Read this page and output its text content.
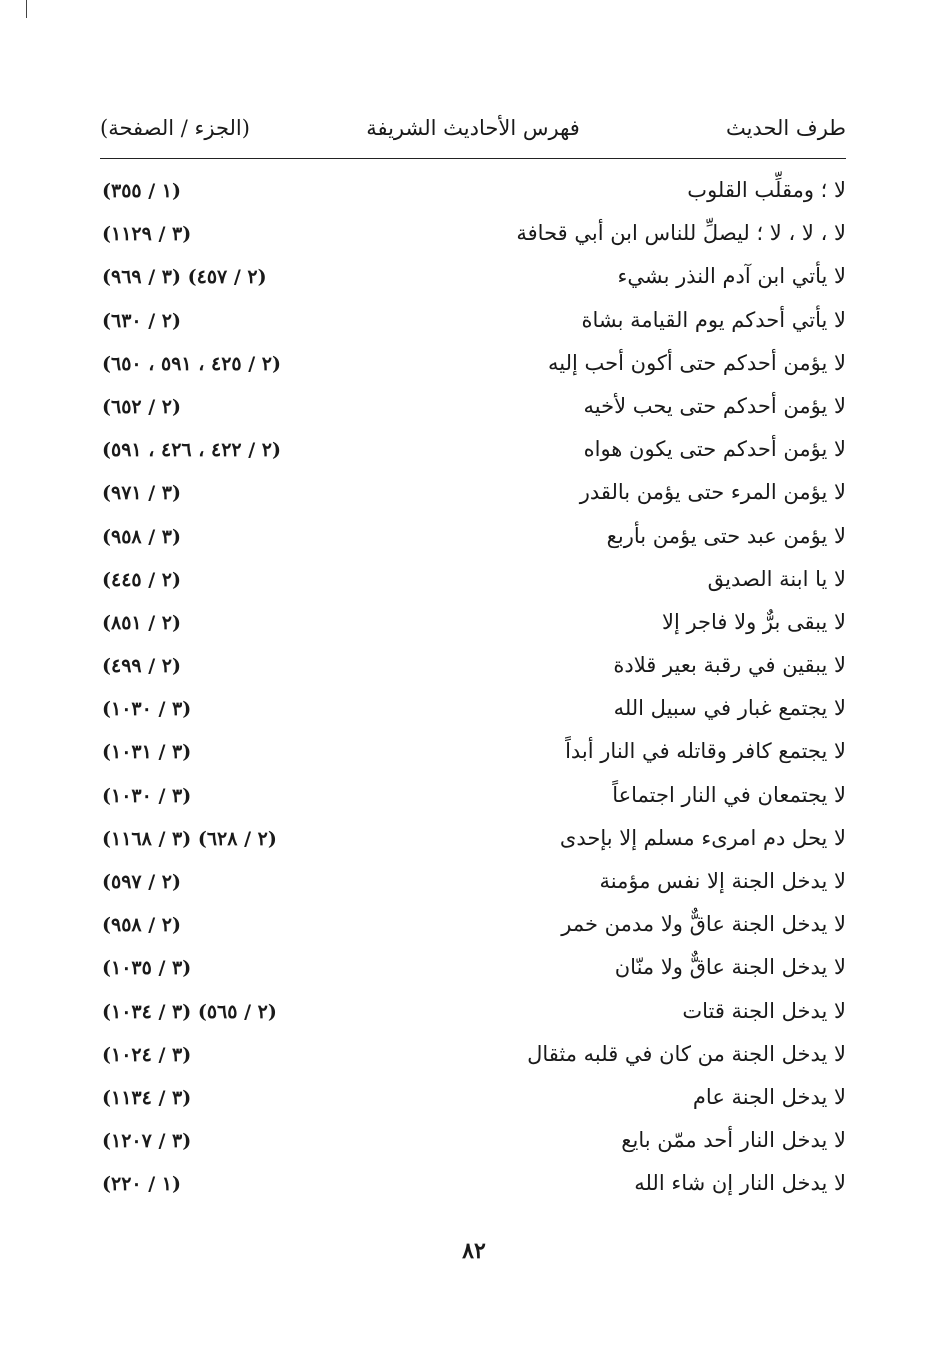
طرف الحديث
فهرس الأحاديث الشريفة
(الجزء / الصفحة)
لا ؛ ومقلِّب القلوب
(١ / ٣٥٥)
لا ، لا ، لا ؛ ليصلِّ للناس ابن أبي قحافة
(٣ / ١١٢٩)
لا يأتي ابن آدم النذر بشيء
(٢ / ٤٥٧) (٣ / ٩٦٩)
لا يأتي أحدكم يوم القيامة بشاة
(٢ / ٦٣٠)
لا يؤمن أحدكم حتى أكون أحب إليه
(٢ / ٤٢٥ ، ٥٩١ ، ٦٥٠)
لا يؤمن أحدكم حتى يحب لأخيه
(٢ / ٦٥٢)
لا يؤمن أحدكم حتى يكون هواه
(٢ / ٤٢٢ ، ٤٢٦ ، ٥٩١)
لا يؤمن المرء حتى يؤمن بالقدر
(٣ / ٩٧١)
لا يؤمن عبد حتى يؤمن بأربع
(٣ / ٩٥٨)
لا يا ابنة الصديق
(٢ / ٤٤٥)
لا يبقى برٌّ ولا فاجر إلا
(٢ / ٨٥١)
لا يبقين في رقبة بعير قلادة
(٢ / ٤٩٩)
لا يجتمع غبار في سبيل الله
(٣ / ١٠٣٠)
لا يجتمع كافر وقاتله في النار أبداً
(٣ / ١٠٣١)
لا يجتمعان في النار اجتماعاً
(٣ / ١٠٣٠)
لا يحل دم امرىء مسلم إلا بإحدى
(٢ / ٦٢٨) (٣ / ١١٦٨)
لا يدخل الجنة إلا نفس مؤمنة
(٢ / ٥٩٧)
لا يدخل الجنة عاقٌّ ولا مدمن خمر
(٢ / ٩٥٨)
لا يدخل الجنة عاقٌّ ولا منّان
(٣ / ١٠٣٥)
لا يدخل الجنة قتات
(٢ / ٥٦٥) (٣ / ١٠٣٤)
لا يدخل الجنة من كان في قلبه مثقال
(٣ / ١٠٢٤)
لا يدخل الجنة عام
(٣ / ١١٣٤)
لا يدخل النار أحد ممّن بايع
(٣ / ١٢٠٧)
لا يدخل النار إن شاء الله
(١ / ٢٢٠)
٨٢
